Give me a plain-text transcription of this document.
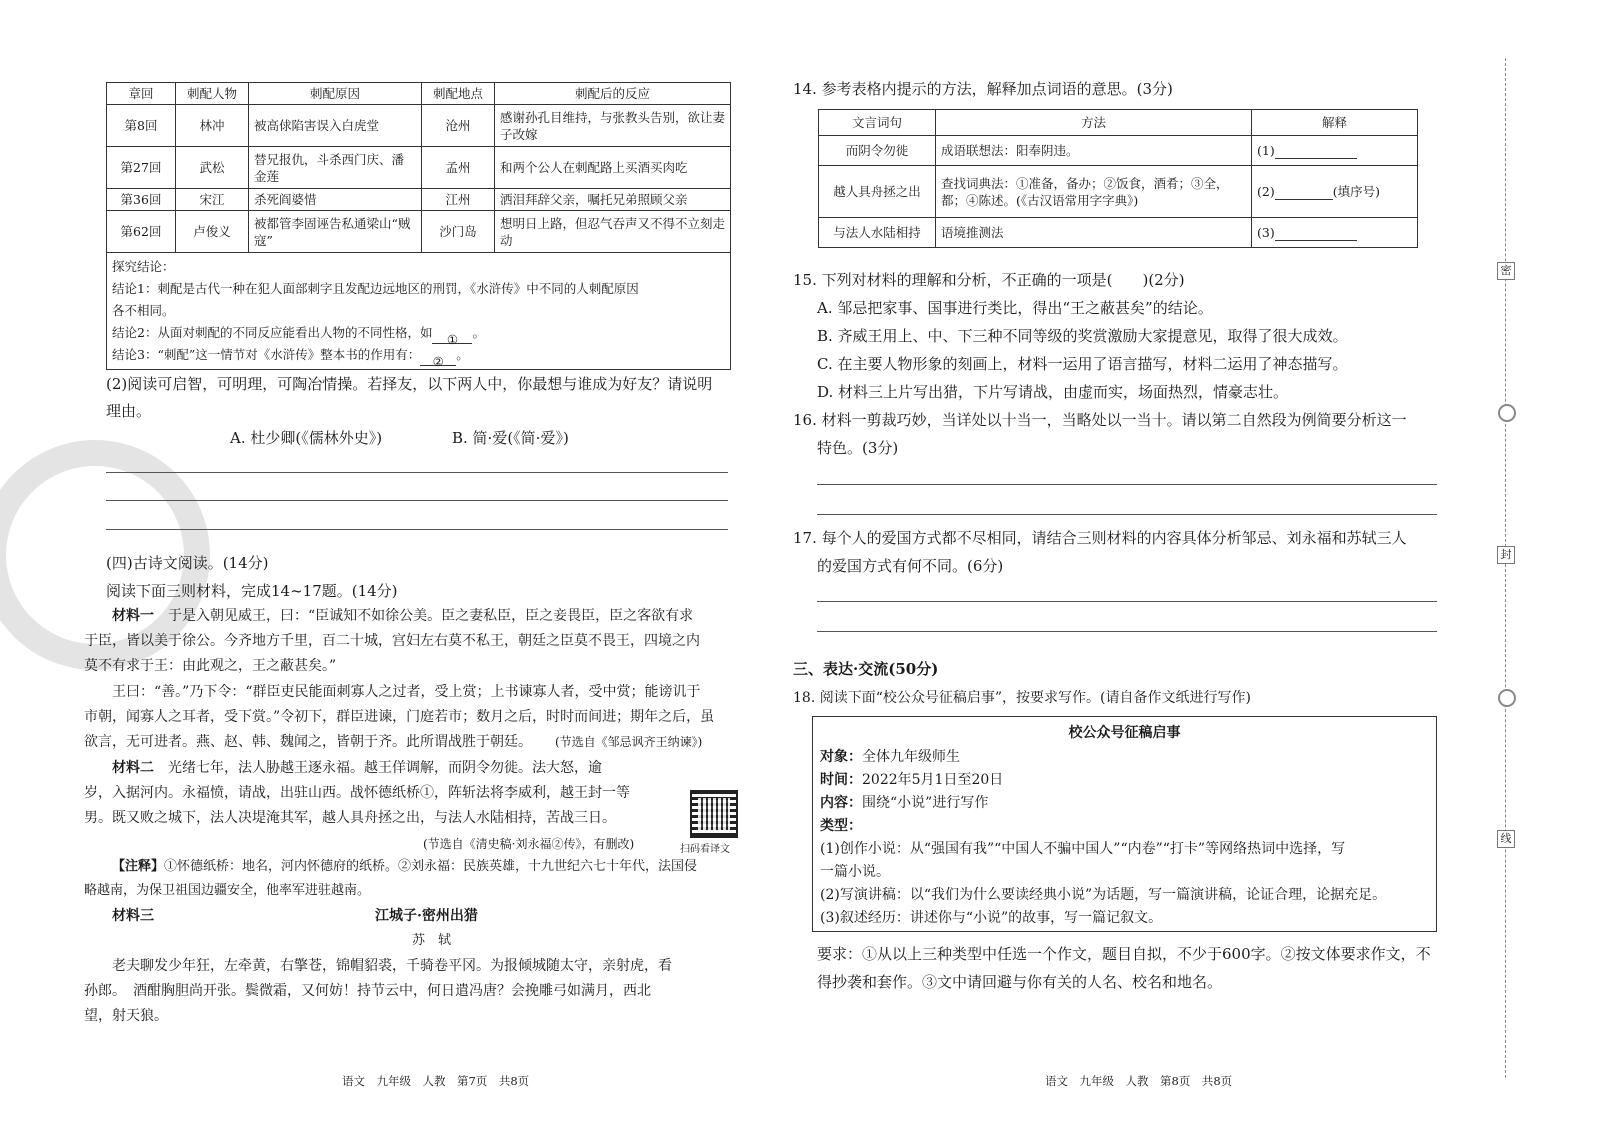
章回	刺配人物	刺配原因	刺配地点	刺配后的反应
第8回	林冲	被高俅陷害误入白虎堂	沧州	感谢孙孔目维持，与张教头告别，欲让妻子改嫁
第27回	武松	替兄报仇，斗杀西门庆、潘金莲	孟州	和两个公人在刺配路上买酒买肉吃
第36回	宋江	杀死阎婆惜	江州	洒泪拜辞父亲，嘱托兄弟照顾父亲
第62回	卢俊义	被都管李固诬告私通梁山“贼寇”	沙门岛	想明日上路，但忍气吞声又不得不立刻走动

探究结论：
结论1：刺配是古代一种在犯人面部刺字且发配边远地区的刑罚，《水浒传》中不同的人刺配原因
各不相同。
结论2：从面对刺配的不同反应能看出人物的不同性格，如 ① 。
结论3：“刺配”这一情节对《水浒传》整本书的作用有： ② 。				
(2)阅读可启智，可明理，可陶冶情操。若择友，以下两人中，你最想与谁成为好友？请说明
理由。
A. 杜少卿(《儒林外史》)	B. 简·爱(《简·爱》)
(四)古诗文阅读。(14分)
阅读下面三则材料，完成14~17题。(14分)
材料一　 于是入朝见威王，曰：“臣诚知不如徐公美。臣之妻私臣，臣之妾畏臣，臣之客欲有求
于臣，皆以美于徐公。今齐地方千里，百二十城，宫妇左右莫不私王，朝廷之臣莫不畏王，四境之内
莫不有求于王：由此观之，王之蔽甚矣。”
王曰：“善。”乃下令：“群臣吏民能面刺寡人之过者，受上赏；上书谏寡人者，受中赏；能谤讥于
市朝，闻寡人之耳者，受下赏。”令初下，群臣进谏，门庭若市；数月之后，时时而间进；期年之后，虽
欲言，无可进者。燕、赵、韩、魏闻之，皆朝于齐。此所谓战胜于朝廷。 (节选自《邹忌讽齐王纳谏》)
材料二　 光绪七年，法人胁越王逐永福。越王佯调解，而阴令勿徙。法大怒，逾
岁，入据河内。永福愤，请战，出驻山西。战怀德纸桥①，阵斩法将李威利，越王封一等
男。既又败之城下，法人决堤淹其军，越人具舟拯之出，与法人水陆相持，苦战三日。
扫码看译文
(节选自《清史稿·刘永福②传》，有删改)
【注释】①怀德纸桥：地名，河内怀德府的纸桥。②刘永福：民族英雄，十九世纪六七十年代，法国侵
略越南，为保卫祖国边疆安全，他率军进驻越南。
材料三	江城子·密州出猎
苏　轼
老夫聊发少年狂，左牵黄，右擎苍，锦帽貂裘，千骑卷平冈。为报倾城随太守，亲射虎，看
孙郎。　酒酣胸胆尚开张。鬓微霜，又何妨！持节云中，何日遣冯唐？会挽雕弓如满月，西北
望，射天狼。
语文　九年级　人教　第7页　共8页
14. 参考表格内提示的方法，解释加点词语的意思。(3分)
文言词句	方法	解释
而阴令勿徙	成语联想法：阳奉阴违。	(1)
越人具舟拯之出	查找词典法：①准备，备办；②饭食，酒肴；③全，都；④陈述。(《古汉语常用字字典》)	(2) (填序号)
与法人水陆相持	语境推测法	(3)
15. 下列对材料的理解和分析，不正确的一项是(　　)(2分)
A. 邹忌把家事、国事进行类比，得出“王之蔽甚矣”的结论。
B. 齐威王用上、中、下三种不同等级的奖赏激励大家提意见，取得了很大成效。
C. 在主要人物形象的刻画上，材料一运用了语言描写，材料二运用了神态描写。
D. 材料三上片写出猎，下片写请战，由虚而实，场面热烈，情豪志壮。
16. 材料一剪裁巧妙，当详处以十当一，当略处以一当十。请以第二自然段为例简要分析这一
特色。(3分)
17. 每个人的爱国方式都不尽相同，请结合三则材料的内容具体分析邹忌、刘永福和苏轼三人
的爱国方式有何不同。(6分)
三、表达·交流(50分)
18. 阅读下面“校公众号征稿启事”，按要求写作。(请自备作文纸进行写作)
校公众号征稿启事
对象：全体九年级师生
时间：2022年5月1日至20日
内容：围绕“小说”进行写作
类型：
(1)创作小说：从“强国有我”“中国人不骗中国人”“内卷”“打卡”等网络热词中选择，写
一篇小说。
(2)写演讲稿：以“我们为什么要读经典小说”为话题，写一篇演讲稿，论证合理，论据充足。
(3)叙述经历：讲述你与“小说”的故事，写一篇记叙文。
要求：①从以上三种类型中任选一个作文，题目自拟，不少于600字。②按文体要求作文，不
得抄袭和套作。③文中请回避与你有关的人名、校名和地名。
语文　九年级　人教　第8页　共8页
密
封
线
